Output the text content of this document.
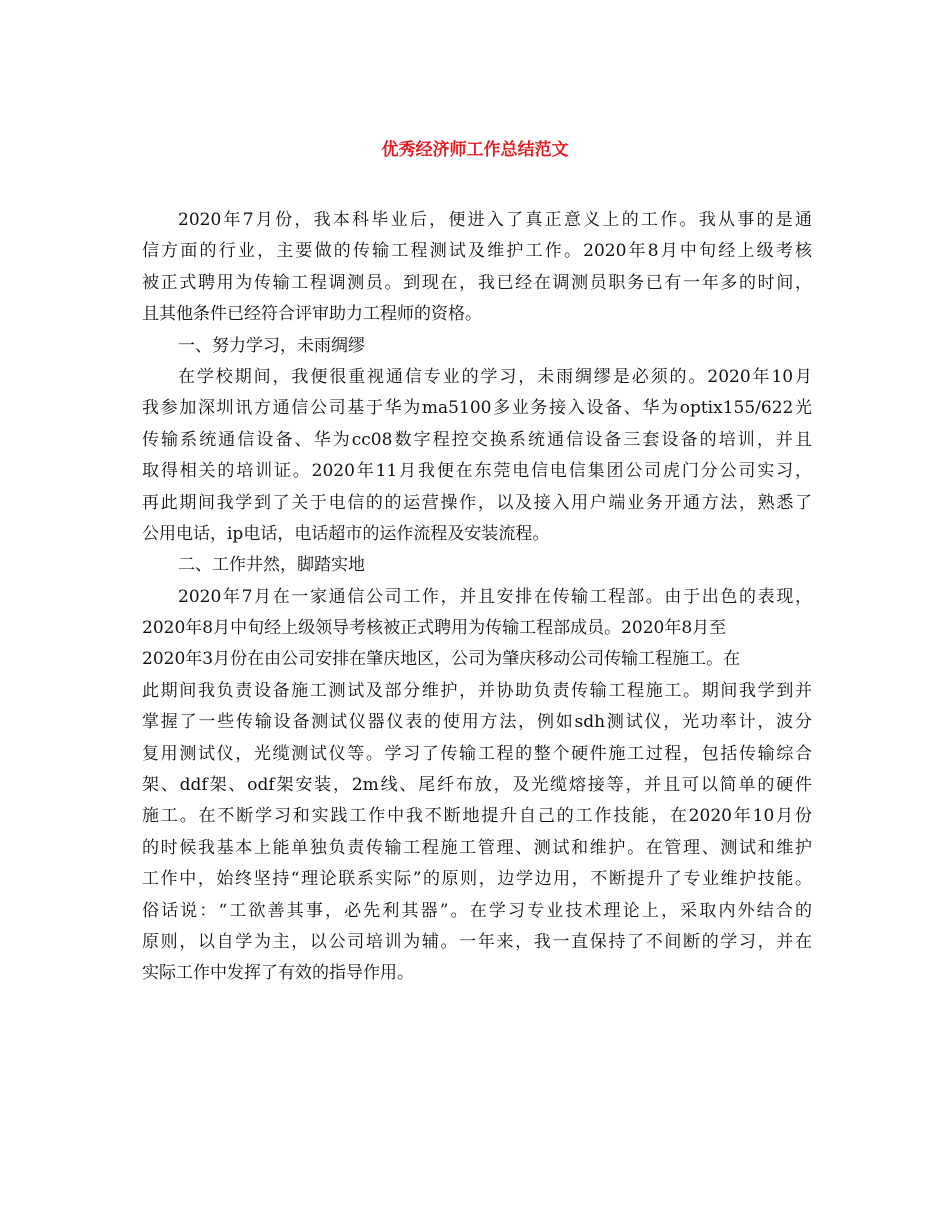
优秀经济师工作总结范文
2020年7月份，我本科毕业后，便进入了真正意义上的工作。我从事的是通
信方面的行业，主要做的传输工程测试及维护工作。2020年8月中旬经上级考核
被正式聘用为传输工程调测员。到现在，我已经在调测员职务已有一年多的时间，
且其他条件已经符合评审助力工程师的资格。
一、努力学习，未雨绸缪
在学校期间，我便很重视通信专业的学习，未雨绸缪是必须的。2020年10月
我参加深圳讯方通信公司基于华为ma5100多业务接入设备、华为optix155/622光
传输系统通信设备、华为cc08数字程控交换系统通信设备三套设备的培训，并且
取得相关的培训证。2020年11月我便在东莞电信电信集团公司虎门分公司实习，
再此期间我学到了关于电信的的运营操作，以及接入用户端业务开通方法，熟悉了
公用电话，ip电话，电话超市的运作流程及安装流程。
二、工作井然，脚踏实地
2020年7月在一家通信公司工作，并且安排在传输工程部。由于出色的表现，
2020年8月中旬经上级领导考核被正式聘用为传输工程部成员。2020年8月至
2020年3月份在由公司安排在肇庆地区，公司为肇庆移动公司传输工程施工。在
此期间我负责设备施工测试及部分维护，并协助负责传输工程施工。期间我学到并
掌握了一些传输设备测试仪器仪表的使用方法，例如sdh测试仪，光功率计，波分
复用测试仪，光缆测试仪等。学习了传输工程的整个硬件施工过程，包括传输综合
架、ddf架、odf架安装，2m线、尾纤布放，及光缆熔接等，并且可以简单的硬件
施工。在不断学习和实践工作中我不断地提升自己的工作技能，在2020年10月份
的时候我基本上能单独负责传输工程施工管理、测试和维护。在管理、测试和维护
工作中，始终坚持“理论联系实际”的原则，边学边用，不断提升了专业维护技能。
俗话说：“工欲善其事，必先利其器”。在学习专业技术理论上，采取内外结合的
原则，以自学为主，以公司培训为辅。一年来，我一直保持了不间断的学习，并在
实际工作中发挥了有效的指导作用。
